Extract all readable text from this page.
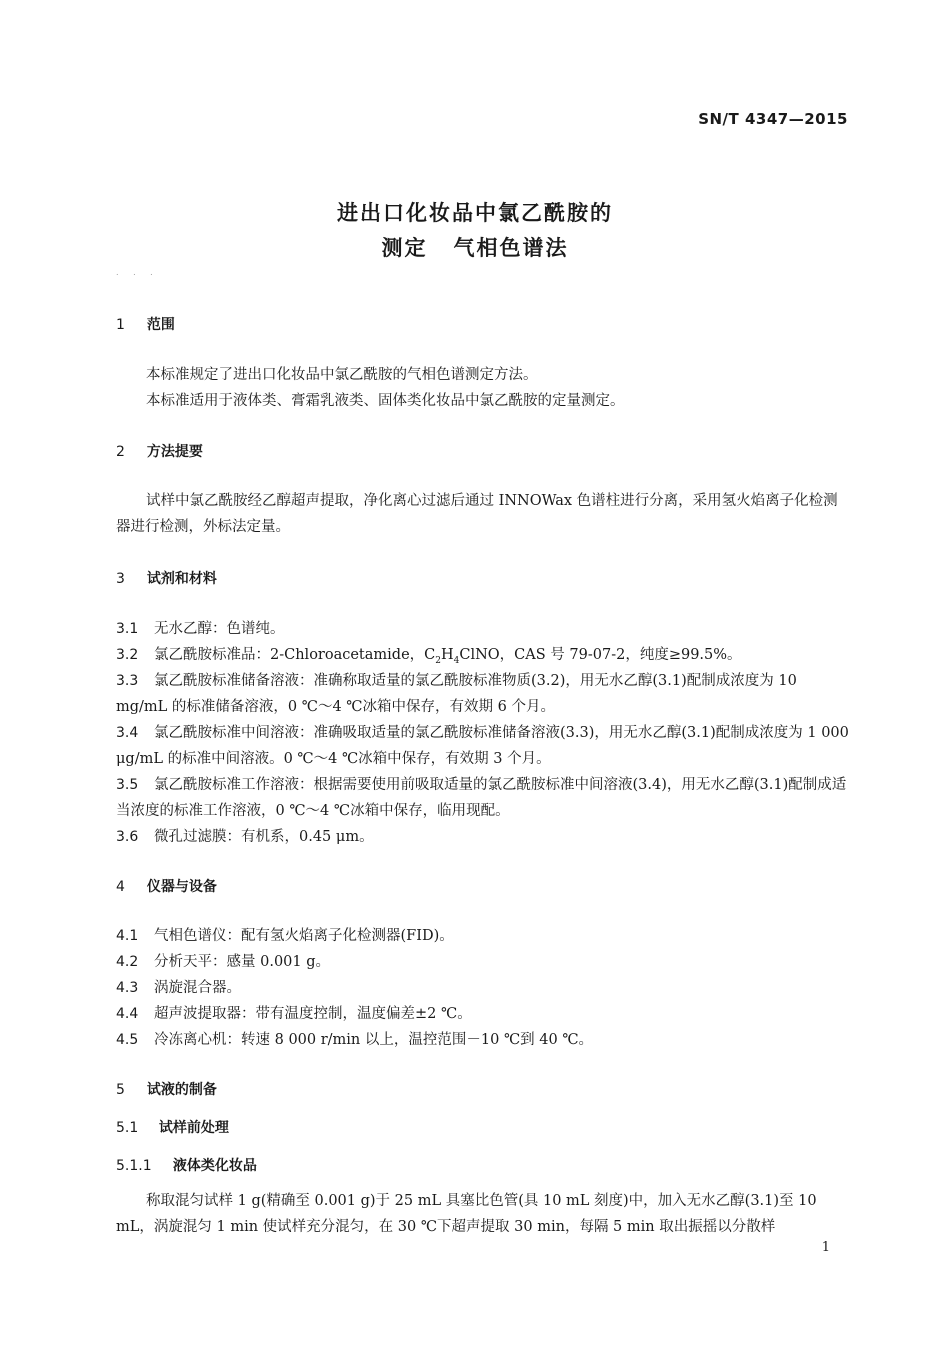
SN/T 4347—2015
进出口化妆品中氯乙酰胺的
测定 气相色谱法
. . .
1 范围
本标准规定了进出口化妆品中氯乙酰胺的气相色谱测定方法。
本标准适用于液体类、膏霜乳液类、固体类化妆品中氯乙酰胺的定量测定。
2 方法提要
试样中氯乙酰胺经乙醇超声提取，净化离心过滤后通过 INNOWax 色谱柱进行分离，采用氢火焰离子化检测器进行检测，外标法定量。
3 试剂和材料
3.1 无水乙醇：色谱纯。
3.2 氯乙酰胺标准品：2-Chloroacetamide，$C_2H_4ClNO$，CAS 号 79-07-2，纯度≥99.5%。
3.3 氯乙酰胺标准储备溶液：准确称取适量的氯乙酰胺标准物质(3.2)，用无水乙醇(3.1)配制成浓度为 10 mg/mL 的标准储备溶液，0 ℃～4 ℃冰箱中保存，有效期 6 个月。
3.4 氯乙酰胺标准中间溶液：准确吸取适量的氯乙酰胺标准储备溶液(3.3)，用无水乙醇(3.1)配制成浓度为 1 000 μg/mL 的标准中间溶液。0 ℃～4 ℃冰箱中保存，有效期 3 个月。
3.5 氯乙酰胺标准工作溶液：根据需要使用前吸取适量的氯乙酰胺标准中间溶液(3.4)，用无水乙醇(3.1)配制成适当浓度的标准工作溶液，0 ℃～4 ℃冰箱中保存，临用现配。
3.6 微孔过滤膜：有机系，0.45 μm。
4 仪器与设备
4.1 气相色谱仪：配有氢火焰离子化检测器(FID)。
4.2 分析天平：感量 0.001 g。
4.3 涡旋混合器。
4.4 超声波提取器：带有温度控制，温度偏差±2 ℃。
4.5 冷冻离心机：转速 8 000 r/min 以上，温控范围－10 ℃到 40 ℃。
5 试液的制备
5.1 试样前处理
5.1.1 液体类化妆品
称取混匀试样 1 g(精确至 0.001 g)于 25 mL 具塞比色管(具 10 mL 刻度)中，加入无水乙醇(3.1)至 10 mL，涡旋混匀 1 min 使试样充分混匀，在 30 ℃下超声提取 30 min，每隔 5 min 取出振摇以分散样
1
